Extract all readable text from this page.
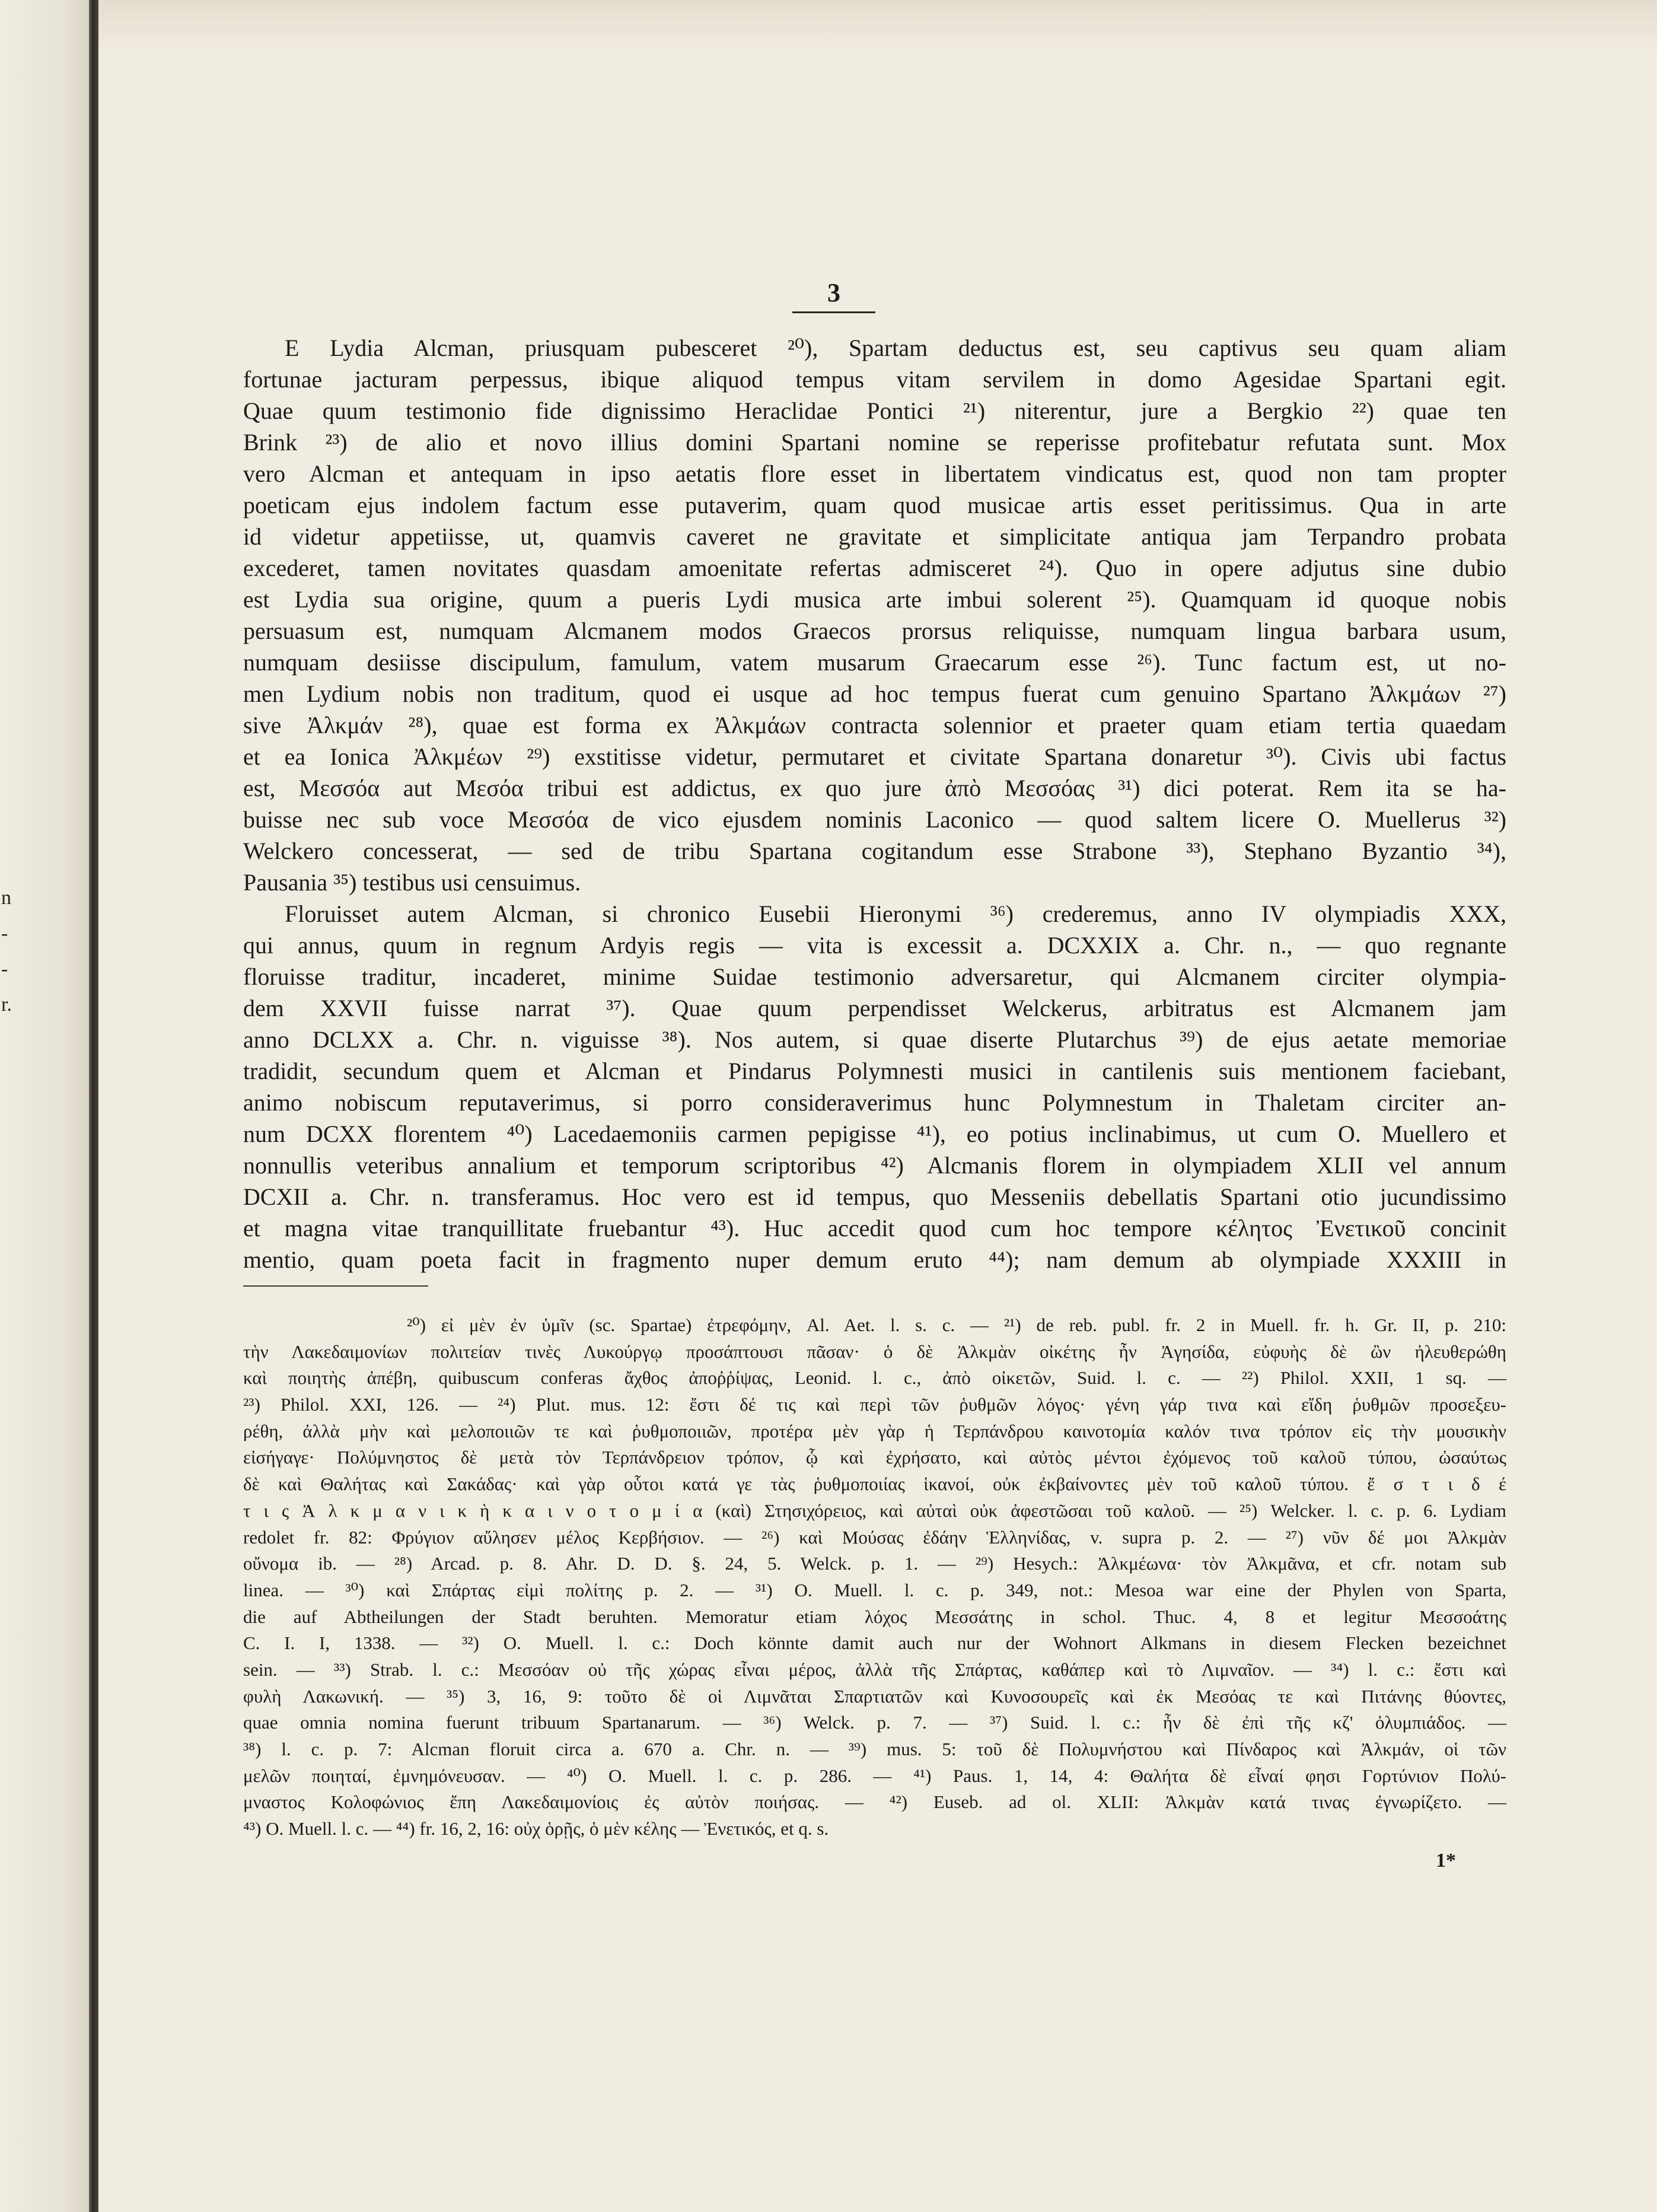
n
-
-
r.
3
E Lydia Alcman, priusquam pubesceret ²⁰), Spartam deductus est, seu captivus seu quam aliam
fortunae jacturam perpessus, ibique aliquod tempus vitam servilem in domo Agesidae Spartani egit.
Quae quum testimonio fide dignissimo Heraclidae Pontici ²¹) niterentur, jure a Bergkio ²²) quae ten
Brink ²³) de alio et novo illius domini Spartani nomine se reperisse profitebatur refutata sunt. Mox
vero Alcman et antequam in ipso aetatis flore esset in libertatem vindicatus est, quod non tam propter
poeticam ejus indolem factum esse putaverim, quam quod musicae artis esset peritissimus. Qua in arte
id videtur appetiisse, ut, quamvis caveret ne gravitate et simplicitate antiqua jam Terpandro probata
excederet, tamen novitates quasdam amoenitate refertas admisceret ²⁴). Quo in opere adjutus sine dubio
est Lydia sua origine, quum a pueris Lydi musica arte imbui solerent ²⁵). Quamquam id quoque nobis
persuasum est, numquam Alcmanem modos Graecos prorsus reliquisse, numquam lingua barbara usum,
numquam desiisse discipulum, famulum, vatem musarum Graecarum esse ²⁶). Tunc factum est, ut no-
men Lydium nobis non traditum, quod ei usque ad hoc tempus fuerat cum genuino Spartano Ἀλκμάων ²⁷)
sive Ἀλκμάν ²⁸), quae est forma ex Ἀλκμάων contracta solennior et praeter quam etiam tertia quaedam
et ea Ionica Ἀλκμέων ²⁹) exstitisse videtur, permutaret et civitate Spartana donaretur ³⁰). Civis ubi factus
est, Μεσσόα aut Μεσόα tribui est addictus, ex quo jure ἀπὸ Μεσσόας ³¹) dici poterat. Rem ita se ha-
buisse nec sub voce Μεσσόα de vico ejusdem nominis Laconico — quod saltem licere O. Muellerus ³²)
Welckero concesserat, — sed de tribu Spartana cogitandum esse Strabone ³³), Stephano Byzantio ³⁴),
Pausania ³⁵) testibus usi censuimus.
Floruisset autem Alcman, si chronico Eusebii Hieronymi ³⁶) crederemus, anno IV olympiadis XXX,
qui annus, quum in regnum Ardyis regis — vita is excessit a. DCXXIX a. Chr. n., — quo regnante
floruisse traditur, incaderet, minime Suidae testimonio adversaretur, qui Alcmanem circiter olympia-
dem XXVII fuisse narrat ³⁷). Quae quum perpendisset Welckerus, arbitratus est Alcmanem jam
anno DCLXX a. Chr. n. viguisse ³⁸). Nos autem, si quae diserte Plutarchus ³⁹) de ejus aetate memoriae
tradidit, secundum quem et Alcman et Pindarus Polymnesti musici in cantilenis suis mentionem faciebant,
animo nobiscum reputaverimus, si porro consideraverimus hunc Polymnestum in Thaletam circiter an-
num DCXX florentem ⁴⁰) Lacedaemoniis carmen pepigisse ⁴¹), eo potius inclinabimus, ut cum O. Muellero et
nonnullis veteribus annalium et temporum scriptoribus ⁴²) Alcmanis florem in olympiadem XLII vel annum
DCXII a. Chr. n. transferamus. Hoc vero est id tempus, quo Messeniis debellatis Spartani otio jucundissimo
et magna vitae tranquillitate fruebantur ⁴³). Huc accedit quod cum hoc tempore κέλητος Ἐνετικοῦ concinit
mentio, quam poeta facit in fragmento nuper demum eruto ⁴⁴); nam demum ab olympiade XXXIII in
²⁰) εἰ μὲν ἐν ὑμῖν (sc. Spartae) ἐτρεφόμην, Al. Aet. l. s. c. — ²¹) de reb. publ. fr. 2 in Muell. fr. h. Gr. II, p. 210:
τὴν Λακεδαιμονίων πολιτείαν τινὲς Λυκούργῳ προσάπτουσι πᾶσαν· ὁ δὲ Ἀλκμὰν οἰκέτης ἦν Ἀγησίδα, εὐφυὴς δὲ ὢν ἠλευθερώθη
καὶ ποιητὴς ἀπέβη, quibuscum conferas ἄχθος ἀποῤῥίψας, Leonid. l. c., ἀπὸ οἰκετῶν, Suid. l. c. — ²²) Philol. XXII, 1 sq. —
²³) Philol. XXI, 126. — ²⁴) Plut. mus. 12: ἔστι δέ τις καὶ περὶ τῶν ῥυθμῶν λόγος· γένη γάρ τινα καὶ εἴδη ῥυθμῶν προσεξευ-
ρέθη, ἀλλὰ μὴν καὶ μελοποιιῶν τε καὶ ῥυθμοποιιῶν, προτέρα μὲν γὰρ ἡ Τερπάνδρου καινοτομία καλόν τινα τρόπον εἰς τὴν μουσικὴν
εἰσήγαγε· Πολύμνηστος δὲ μετὰ τὸν Τερπάνδρειον τρόπον, ᾧ καὶ ἐχρήσατο, καὶ αὐτὸς μέντοι ἐχόμενος τοῦ καλοῦ τύπου, ὡσαύτως
δὲ καὶ Θαλήτας καὶ Σακάδας· καὶ γὰρ οὗτοι κατά γε τὰς ῥυθμοποιίας ἱκανοί, οὐκ ἐκβαίνοντες μὲν τοῦ καλοῦ τύπου. ἔ σ τ ι δ έ
τ ι ς Ἀ λ κ μ α ν ι κ ὴ κ α ι ν ο τ ο μ ί α (καὶ) Στησιχόρειος, καὶ αὐταὶ οὐκ ἀφεστῶσαι τοῦ καλοῦ. — ²⁵) Welcker. l. c. p. 6. Lydiam
redolet fr. 82: Φρύγιον αὔλησεν μέλος Κερβήσιον. — ²⁶) καὶ Μούσας ἐδάην Ἑλληνίδας, v. supra p. 2. — ²⁷) νῦν δέ μοι Ἀλκμὰν
οὔνομα ib. — ²⁸) Arcad. p. 8. Ahr. D. D. §. 24, 5. Welck. p. 1. — ²⁹) Hesych.: Ἀλκμέωνα· τὸν Ἀλκμᾶνα, et cfr. notam sub
linea. — ³⁰) καὶ Σπάρτας εἰμὶ πολίτης p. 2. — ³¹) O. Muell. l. c. p. 349, not.: Mesoa war eine der Phylen von Sparta,
die auf Abtheilungen der Stadt beruhten. Memoratur etiam λόχος Μεσσάτης in schol. Thuc. 4, 8 et legitur Μεσσοάτης
C. I. I, 1338. — ³²) O. Muell. l. c.: Doch könnte damit auch nur der Wohnort Alkmans in diesem Flecken bezeichnet
sein. — ³³) Strab. l. c.: Μεσσόαν οὐ τῆς χώρας εἶναι μέρος, ἀλλὰ τῆς Σπάρτας, καθάπερ καὶ τὸ Λιμναῖον. — ³⁴) l. c.: ἔστι καὶ
φυλὴ Λακωνική. — ³⁵) 3, 16, 9: τοῦτο δὲ οἱ Λιμνᾶται Σπαρτιατῶν καὶ Κυνοσουρεῖς καὶ ἐκ Μεσόας τε καὶ Πιτάνης θύοντες,
quae omnia nomina fuerunt tribuum Spartanarum. — ³⁶) Welck. p. 7. — ³⁷) Suid. l. c.: ἦν δὲ ἐπὶ τῆς κζ' ὀλυμπιάδος. —
³⁸) l. c. p. 7: Alcman floruit circa a. 670 a. Chr. n. — ³⁹) mus. 5: τοῦ δὲ Πολυμνήστου καὶ Πίνδαρος καὶ Ἀλκμάν, οἱ τῶν
μελῶν ποιηταί, ἐμνημόνευσαν. — ⁴⁰) O. Muell. l. c. p. 286. — ⁴¹) Paus. 1, 14, 4: Θαλήτα δὲ εἶναί φησι Γορτύνιον Πολύ-
μναστος Κολοφώνιος ἔπη Λακεδαιμονίοις ἐς αὐτὸν ποιήσας. — ⁴²) Euseb. ad ol. XLII: Ἀλκμὰν κατά τινας ἐγνωρίζετο. —
⁴³) O. Muell. l. c. — ⁴⁴) fr. 16, 2, 16: οὐχ ὁρῇς, ὁ μὲν κέλης — Ἐνετικός, et q. s.
1*
